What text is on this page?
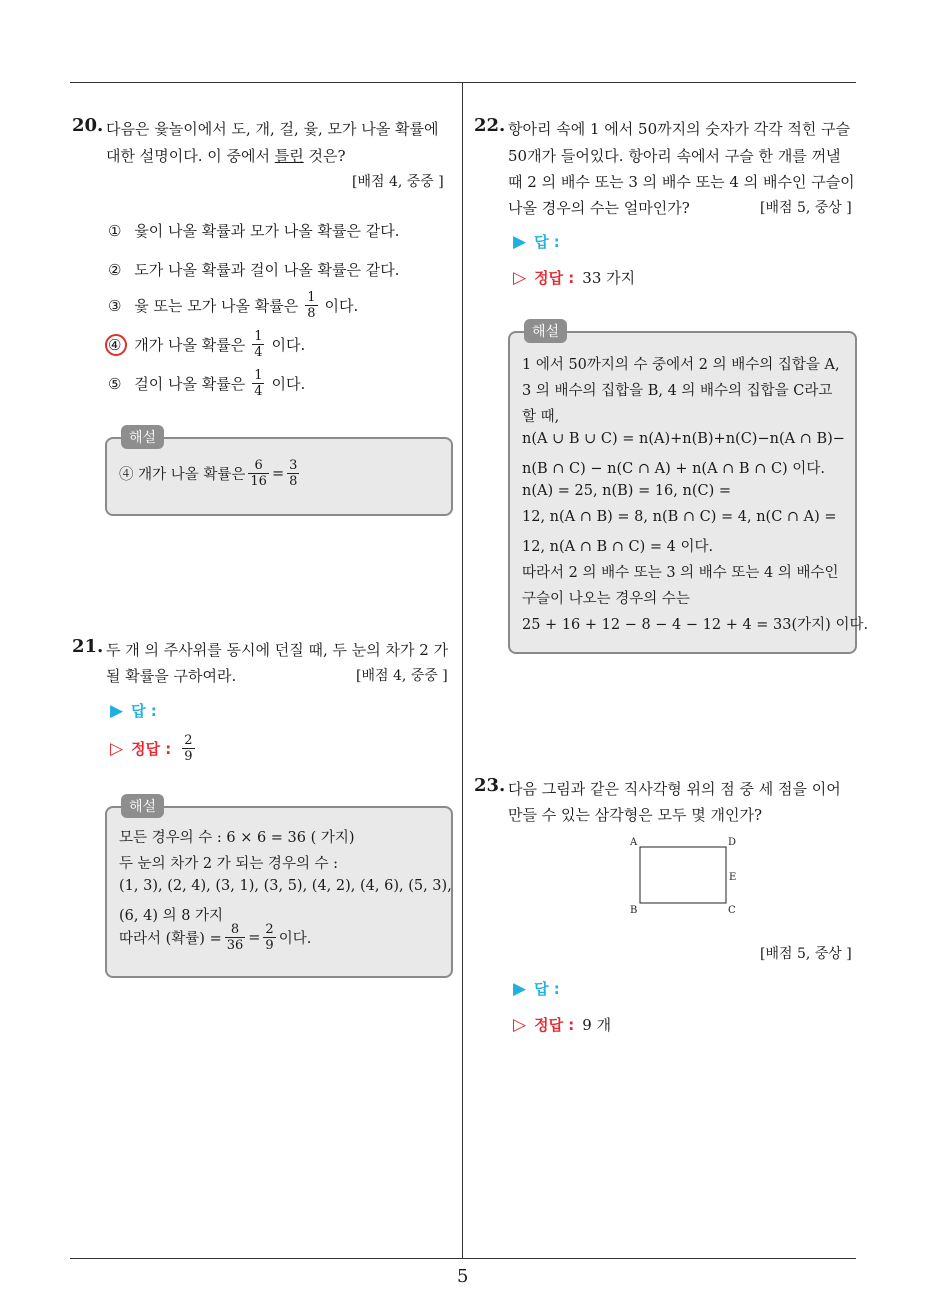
5
20. 다음은 윷놀이에서 도, 개, 걸, 윷, 모가 나올 확률에
대한 설명이다. 이 중에서 틀린 것은?
[배점 4, 중중 ]
①
윷이 나올 확률과 모가 나올 확률은 같다.
②
도가 나올 확률과 걸이 나올 확률은 같다.
③
윷 또는 모가 나올 확률은 $\frac{1}{8}$ 이다.
④
개가 나올 확률은 $\frac{1}{4}$ 이다.
⑤
걸이 나올 확률은 $\frac{1}{4}$ 이다.
해설
④ 개가 나올 확률은 $\frac{6}{16} = \frac{3}{8}$
21. 두 개 의 주사위를 동시에 던질 때, 두 눈의 차가 2 가
될 확률을 구하여라.	[배점 4, 중중 ]
▶ 답 :
▷ 정답 : $\frac{2}{9}$
해설
모든 경우의 수 : 6 × 6 = 36 ( 가지)
두 눈의 차가 2 가 되는 경우의 수 :
(1, 3), (2, 4), (3, 1), (3, 5), (4, 2), (4, 6), (5, 3),
(6, 4) 의 8 가지
따라서 (확률) = $\frac{8}{36} = \frac{2}{9}$ 이다.
22. 항아리 속에 1 에서 50까지의 숫자가 각각 적힌 구슬
50개가 들어있다. 항아리 속에서 구슬 한 개를 꺼낼
때 2 의 배수 또는 3 의 배수 또는 4 의 배수인 구슬이
나올 경우의 수는 얼마인가?	[배점 5, 중상 ]
▶ 답 :
▷ 정답 : 33 가지
해설
1 에서 50까지의 수 중에서 2 의 배수의 집합을 A,
3 의 배수의 집합을 B, 4 의 배수의 집합을 C라고
할 때,
n(A ∪ B ∪ C) = n(A)+n(B)+n(C)−n(A ∩ B)−
n(B ∩ C) − n(C ∩ A) + n(A ∩ B ∩ C) 이다.
n(A) = 25, n(B) = 16, n(C) =
12, n(A ∩ B) = 8, n(B ∩ C) = 4, n(C ∩ A) =
12, n(A ∩ B ∩ C) = 4 이다.
따라서 2 의 배수 또는 3 의 배수 또는 4 의 배수인
구슬이 나오는 경우의 수는
25 + 16 + 12 − 8 − 4 − 12 + 4 = 33(가지) 이다.
23. 다음 그림과 같은 직사각형 위의 점 중 세 점을 이어
만들 수 있는 삼각형은 모두 몇 개인가?
A	D
E
B	C
[배점 5, 중상 ]
▶ 답 :
▷ 정답 : 9 개
